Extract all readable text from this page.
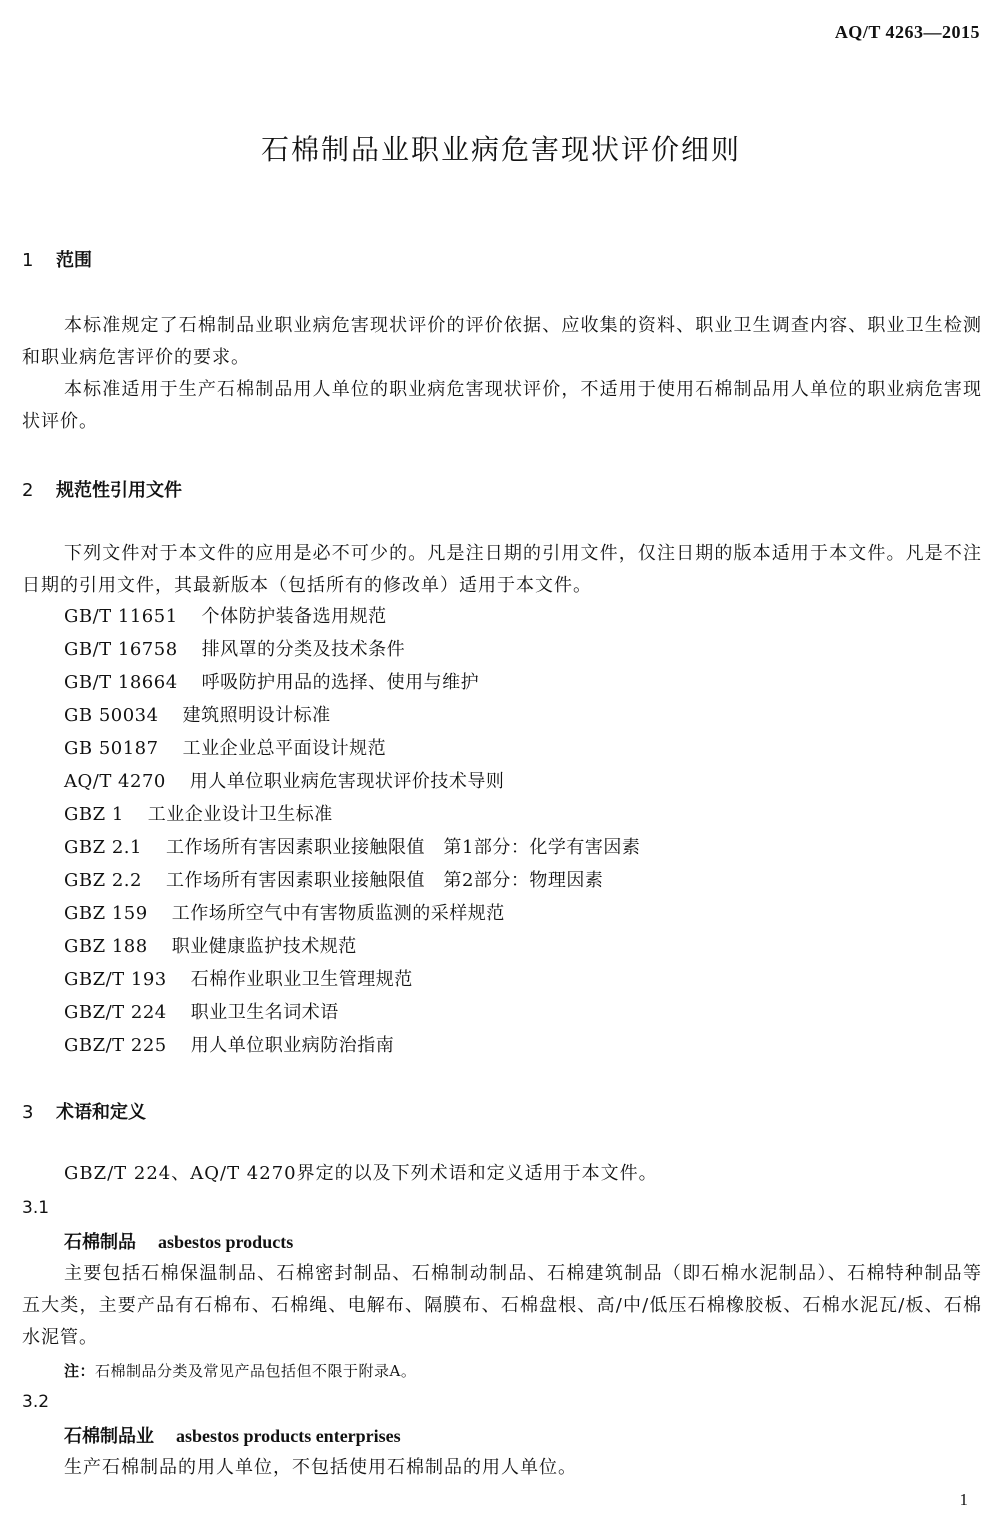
AQ/T 4263—2015
石棉制品业职业病危害现状评价细则
1 范围
本标准规定了石棉制品业职业病危害现状评价的评价依据、应收集的资料、职业卫生调查内容、职业卫生检测和职业病危害评价的要求。
本标准适用于生产石棉制品用人单位的职业病危害现状评价，不适用于使用石棉制品用人单位的职业病危害现状评价。
2 规范性引用文件
下列文件对于本文件的应用是必不可少的。凡是注日期的引用文件，仅注日期的版本适用于本文件。凡是不注日期的引用文件，其最新版本（包括所有的修改单）适用于本文件。
GB/T 11651 个体防护装备选用规范
GB/T 16758 排风罩的分类及技术条件
GB/T 18664 呼吸防护用品的选择、使用与维护
GB 50034 建筑照明设计标准
GB 50187 工业企业总平面设计规范
AQ/T 4270 用人单位职业病危害现状评价技术导则
GBZ 1 工业企业设计卫生标准
GBZ 2.1 工作场所有害因素职业接触限值　第1部分：化学有害因素
GBZ 2.2 工作场所有害因素职业接触限值　第2部分：物理因素
GBZ 159 工作场所空气中有害物质监测的采样规范
GBZ 188 职业健康监护技术规范
GBZ/T 193 石棉作业职业卫生管理规范
GBZ/T 224 职业卫生名词术语
GBZ/T 225 用人单位职业病防治指南
3 术语和定义
GBZ/T 224、AQ/T 4270界定的以及下列术语和定义适用于本文件。
3.1
石棉制品 asbestos products
主要包括石棉保温制品、石棉密封制品、石棉制动制品、石棉建筑制品（即石棉水泥制品）、石棉特种制品等五大类，主要产品有石棉布、石棉绳、电解布、隔膜布、石棉盘根、高/中/低压石棉橡胶板、石棉水泥瓦/板、石棉水泥管。
注：石棉制品分类及常见产品包括但不限于附录A。
3.2
石棉制品业 asbestos products enterprises
生产石棉制品的用人单位，不包括使用石棉制品的用人单位。
1
